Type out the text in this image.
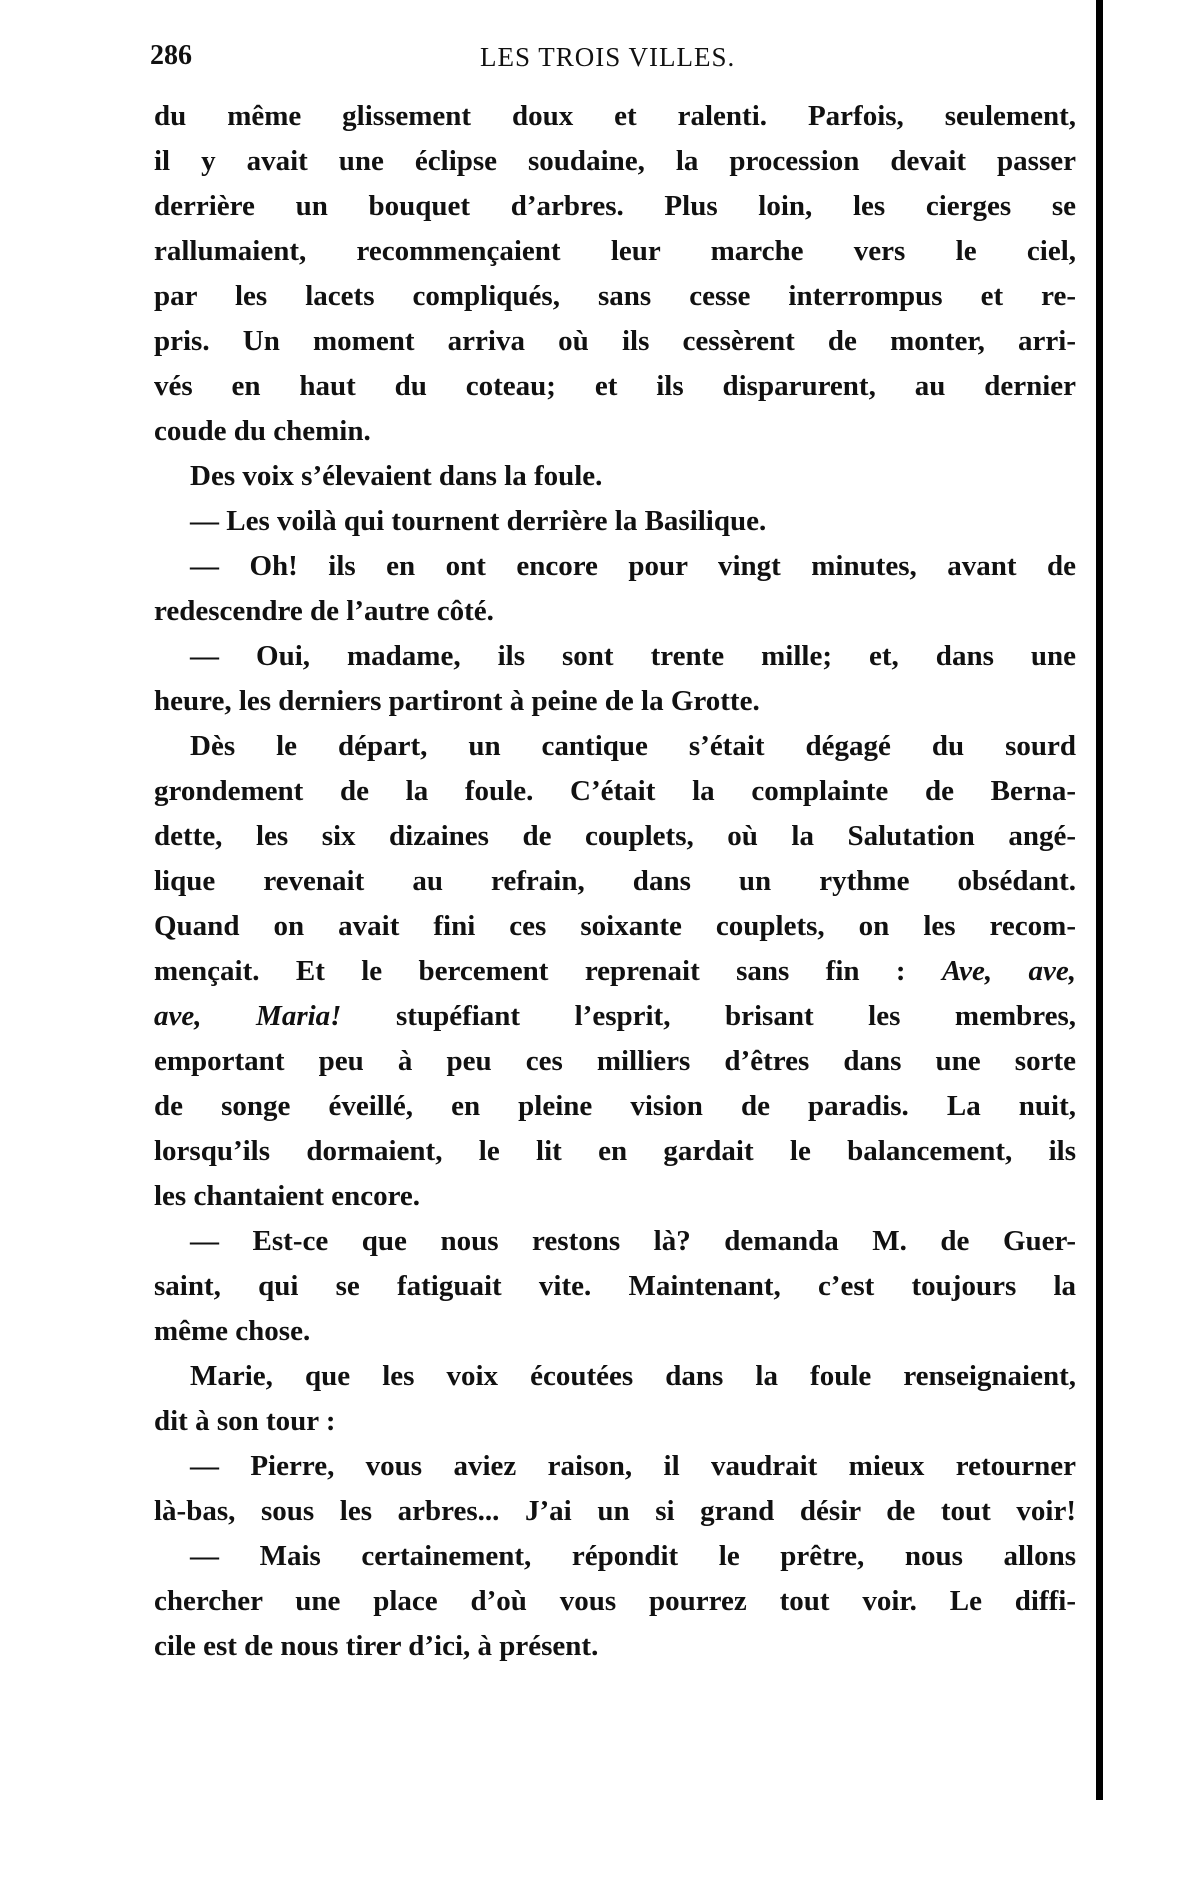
286	LES TROIS VILLES.
du même glissement doux et ralenti. Parfois, seulement,
il y avait une éclipse soudaine, la procession devait passer
derrière un bouquet d’arbres. Plus loin, les cierges se
rallumaient, recommençaient leur marche vers le ciel,
par les lacets compliqués, sans cesse interrompus et re-
pris. Un moment arriva où ils cessèrent de monter, arri-
vés en haut du coteau; et ils disparurent, au dernier
coude du chemin.
Des voix s’élevaient dans la foule.
— Les voilà qui tournent derrière la Basilique.
— Oh! ils en ont encore pour vingt minutes, avant de
redescendre de l’autre côté.
— Oui, madame, ils sont trente mille; et, dans une
heure, les derniers partiront à peine de la Grotte.
Dès le départ, un cantique s’était dégagé du sourd
grondement de la foule. C’était la complainte de Berna-
dette, les six dizaines de couplets, où la Salutation angé-
lique revenait au refrain, dans un rythme obsédant.
Quand on avait fini ces soixante couplets, on les recom-
mençait. Et le bercement reprenait sans fin : Ave, ave,
ave, Maria! stupéfiant l’esprit, brisant les membres,
emportant peu à peu ces milliers d’êtres dans une sorte
de songe éveillé, en pleine vision de paradis. La nuit,
lorsqu’ils dormaient, le lit en gardait le balancement, ils
les chantaient encore.
— Est-ce que nous restons là? demanda M. de Guer-
saint, qui se fatiguait vite. Maintenant, c’est toujours la
même chose.
Marie, que les voix écoutées dans la foule renseignaient,
dit à son tour :
— Pierre, vous aviez raison, il vaudrait mieux retourner
là-bas, sous les arbres... J’ai un si grand désir de tout voir!
— Mais certainement, répondit le prêtre, nous allons
chercher une place d’où vous pourrez tout voir. Le diffi-
cile est de nous tirer d’ici, à présent.
